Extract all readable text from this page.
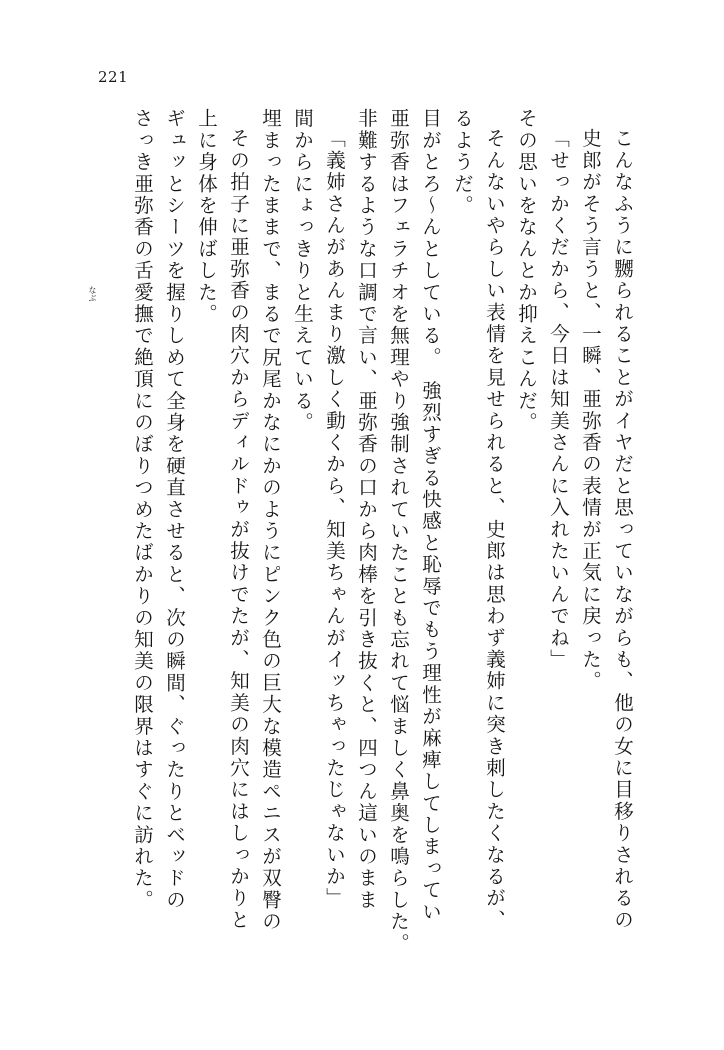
221
さっき亜弥香の舌愛撫で絶頂にのぼりつめたばかりの知美の限界はすぐに訪れた。 ギュッとシーツを握りしめて全身を硬直させると、次の瞬間、ぐったりとベッドの 上に身体を伸ばした。 その拍子に亜弥香の肉穴からディルドゥが抜けでたが、知美の肉穴にはしっかりと 埋まったままで、まるで尻尾かなにかのようにピンク色の巨大な模造ペニスが双臀の 間からにょっきりと生えている。 「義姉さんがあんまり激しく動くから、知美ちゃんがイッちゃったじゃないか」 非難するような口調で言い、亜弥香の口から肉棒を引き抜くと、四つん這いのまま 亜弥香はフェラチオを無理やり強制されていたことも忘れて悩ましく鼻奥を鳴らした。 目がとろ～んとしている。　強烈すぎる快感と恥辱でもう理性が麻痺してしまってい るようだ。 そんないやらしい表情を見せられると、史郎は思わず義姉に突き刺したくなるが、 その思いをなんとか抑えこんだ。 「せっかくだから、今日は知美さんに入れたいんでね」 史郎がそう言うと、一瞬、亜弥香の表情が正気に戻った。 こんなふうに嬲られることがイヤだと思っていながらも、他の女に目移りされるの
なぶ
